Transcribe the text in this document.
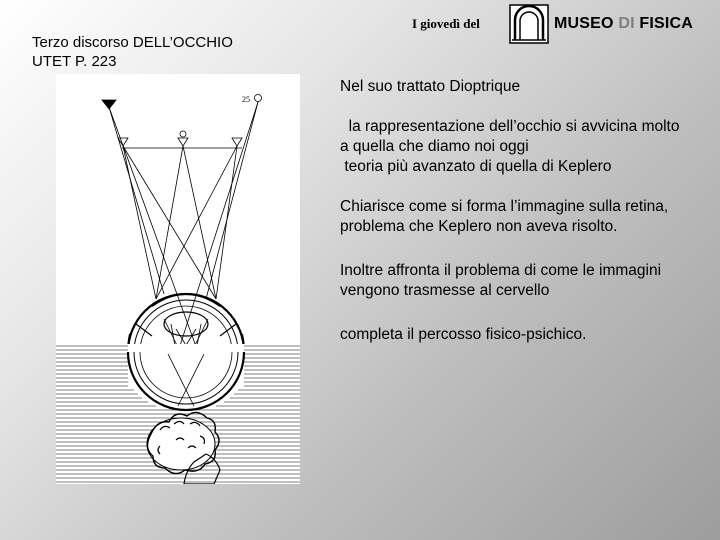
Terzo discorso DELL’OCCHIO
UTET P. 223
I giovedì del	MUSEO DI FISICA
25
Nel suo trattato Dioptrique
la rappresentazione dell’occhio si avvicina molto a quella che diamo noi oggi
teoria più avanzato di quella di Keplero
Chiarisce come si forma l’immagine sulla retina, problema che Keplero non aveva risolto.
Inoltre affronta il problema di come le immagini vengono trasmesse al cervello
completa il percosso fisico-psichico.
